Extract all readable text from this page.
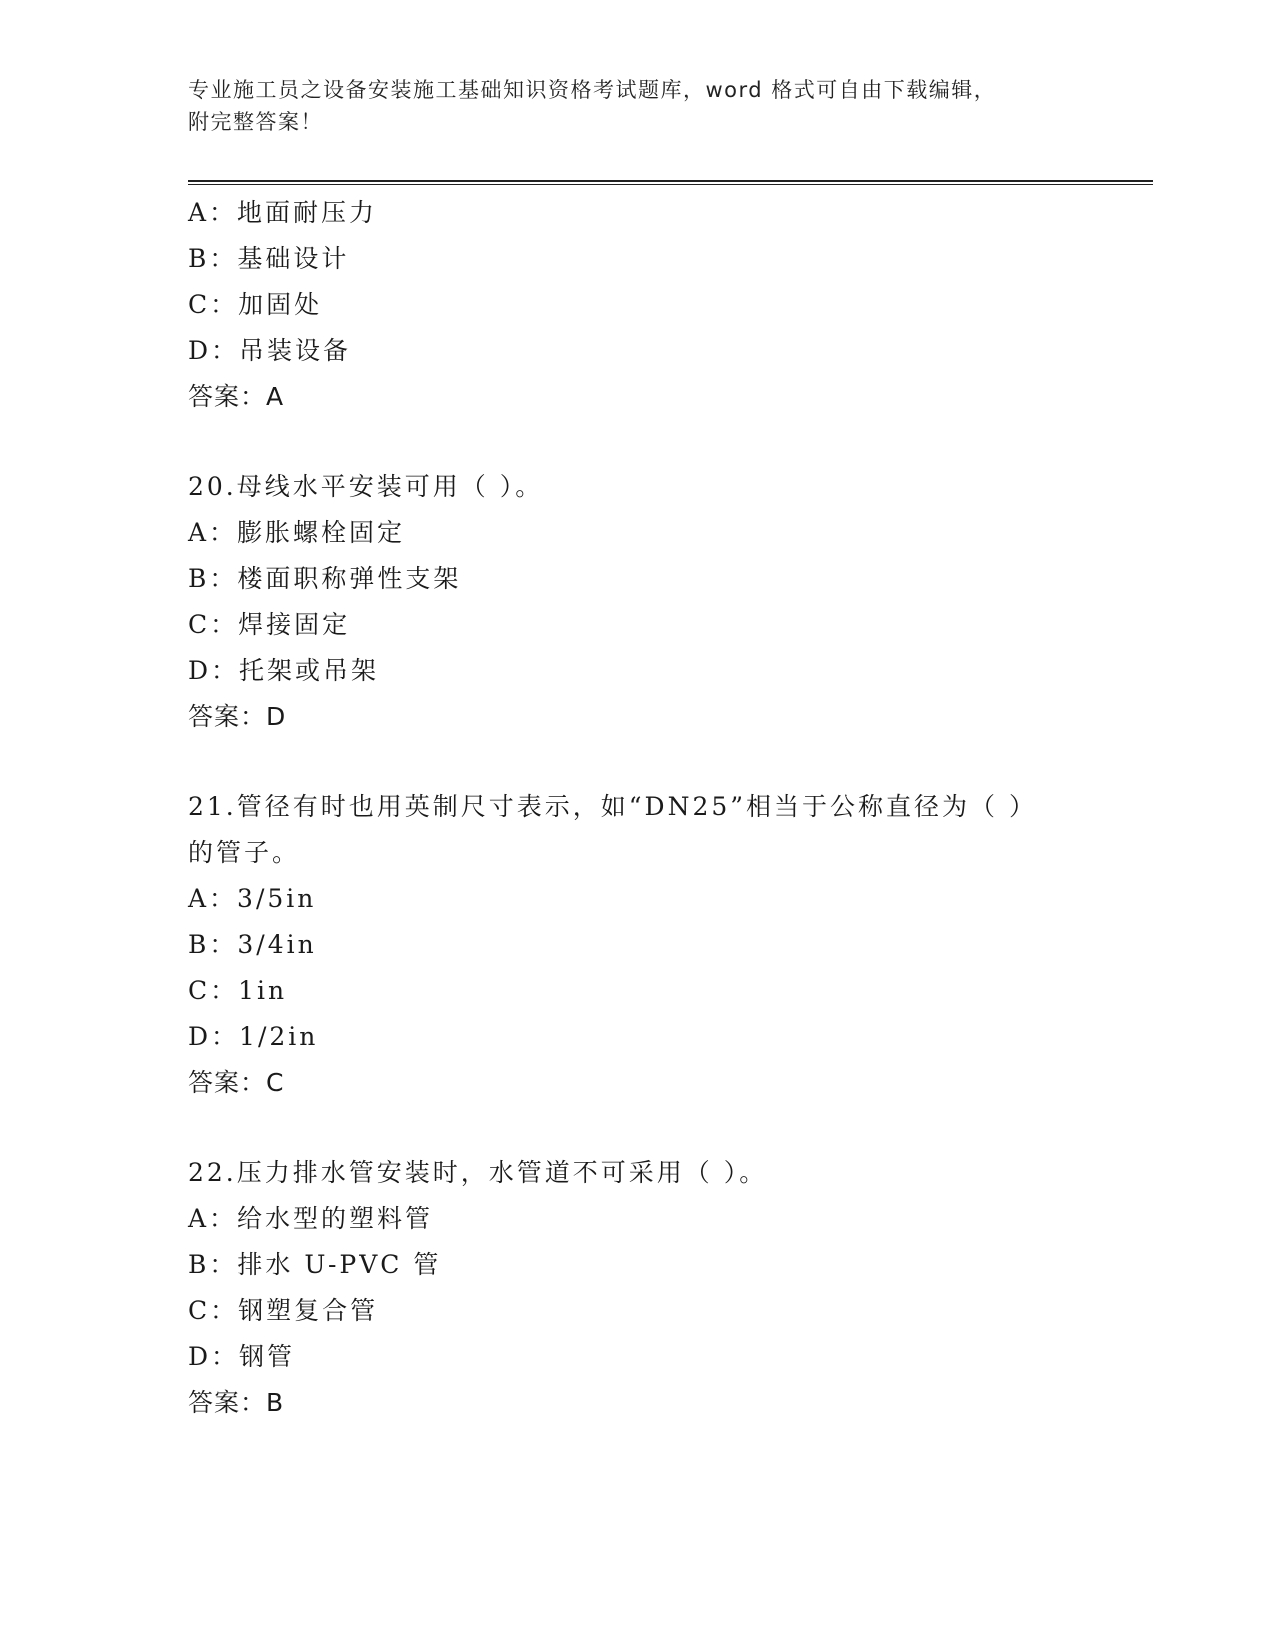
专业施工员之设备安装施工基础知识资格考试题库，word 格式可自由下载编辑，
附完整答案！
A：地面耐压力
B：基础设计
C：加固处
D：吊装设备
答案：A
20.母线水平安装可用（ ）。
A：膨胀螺栓固定
B：楼面职称弹性支架
C：焊接固定
D：托架或吊架
答案：D
21.管径有时也用英制尺寸表示，如“DN25”相当于公称直径为（ ）
的管子。
A：3/5in
B：3/4in
C：1in
D：1/2in
答案：C
22.压力排水管安装时，水管道不可采用（ ）。
A：给水型的塑料管
B：排水 U-PVC 管
C：钢塑复合管
D：钢管
答案：B
